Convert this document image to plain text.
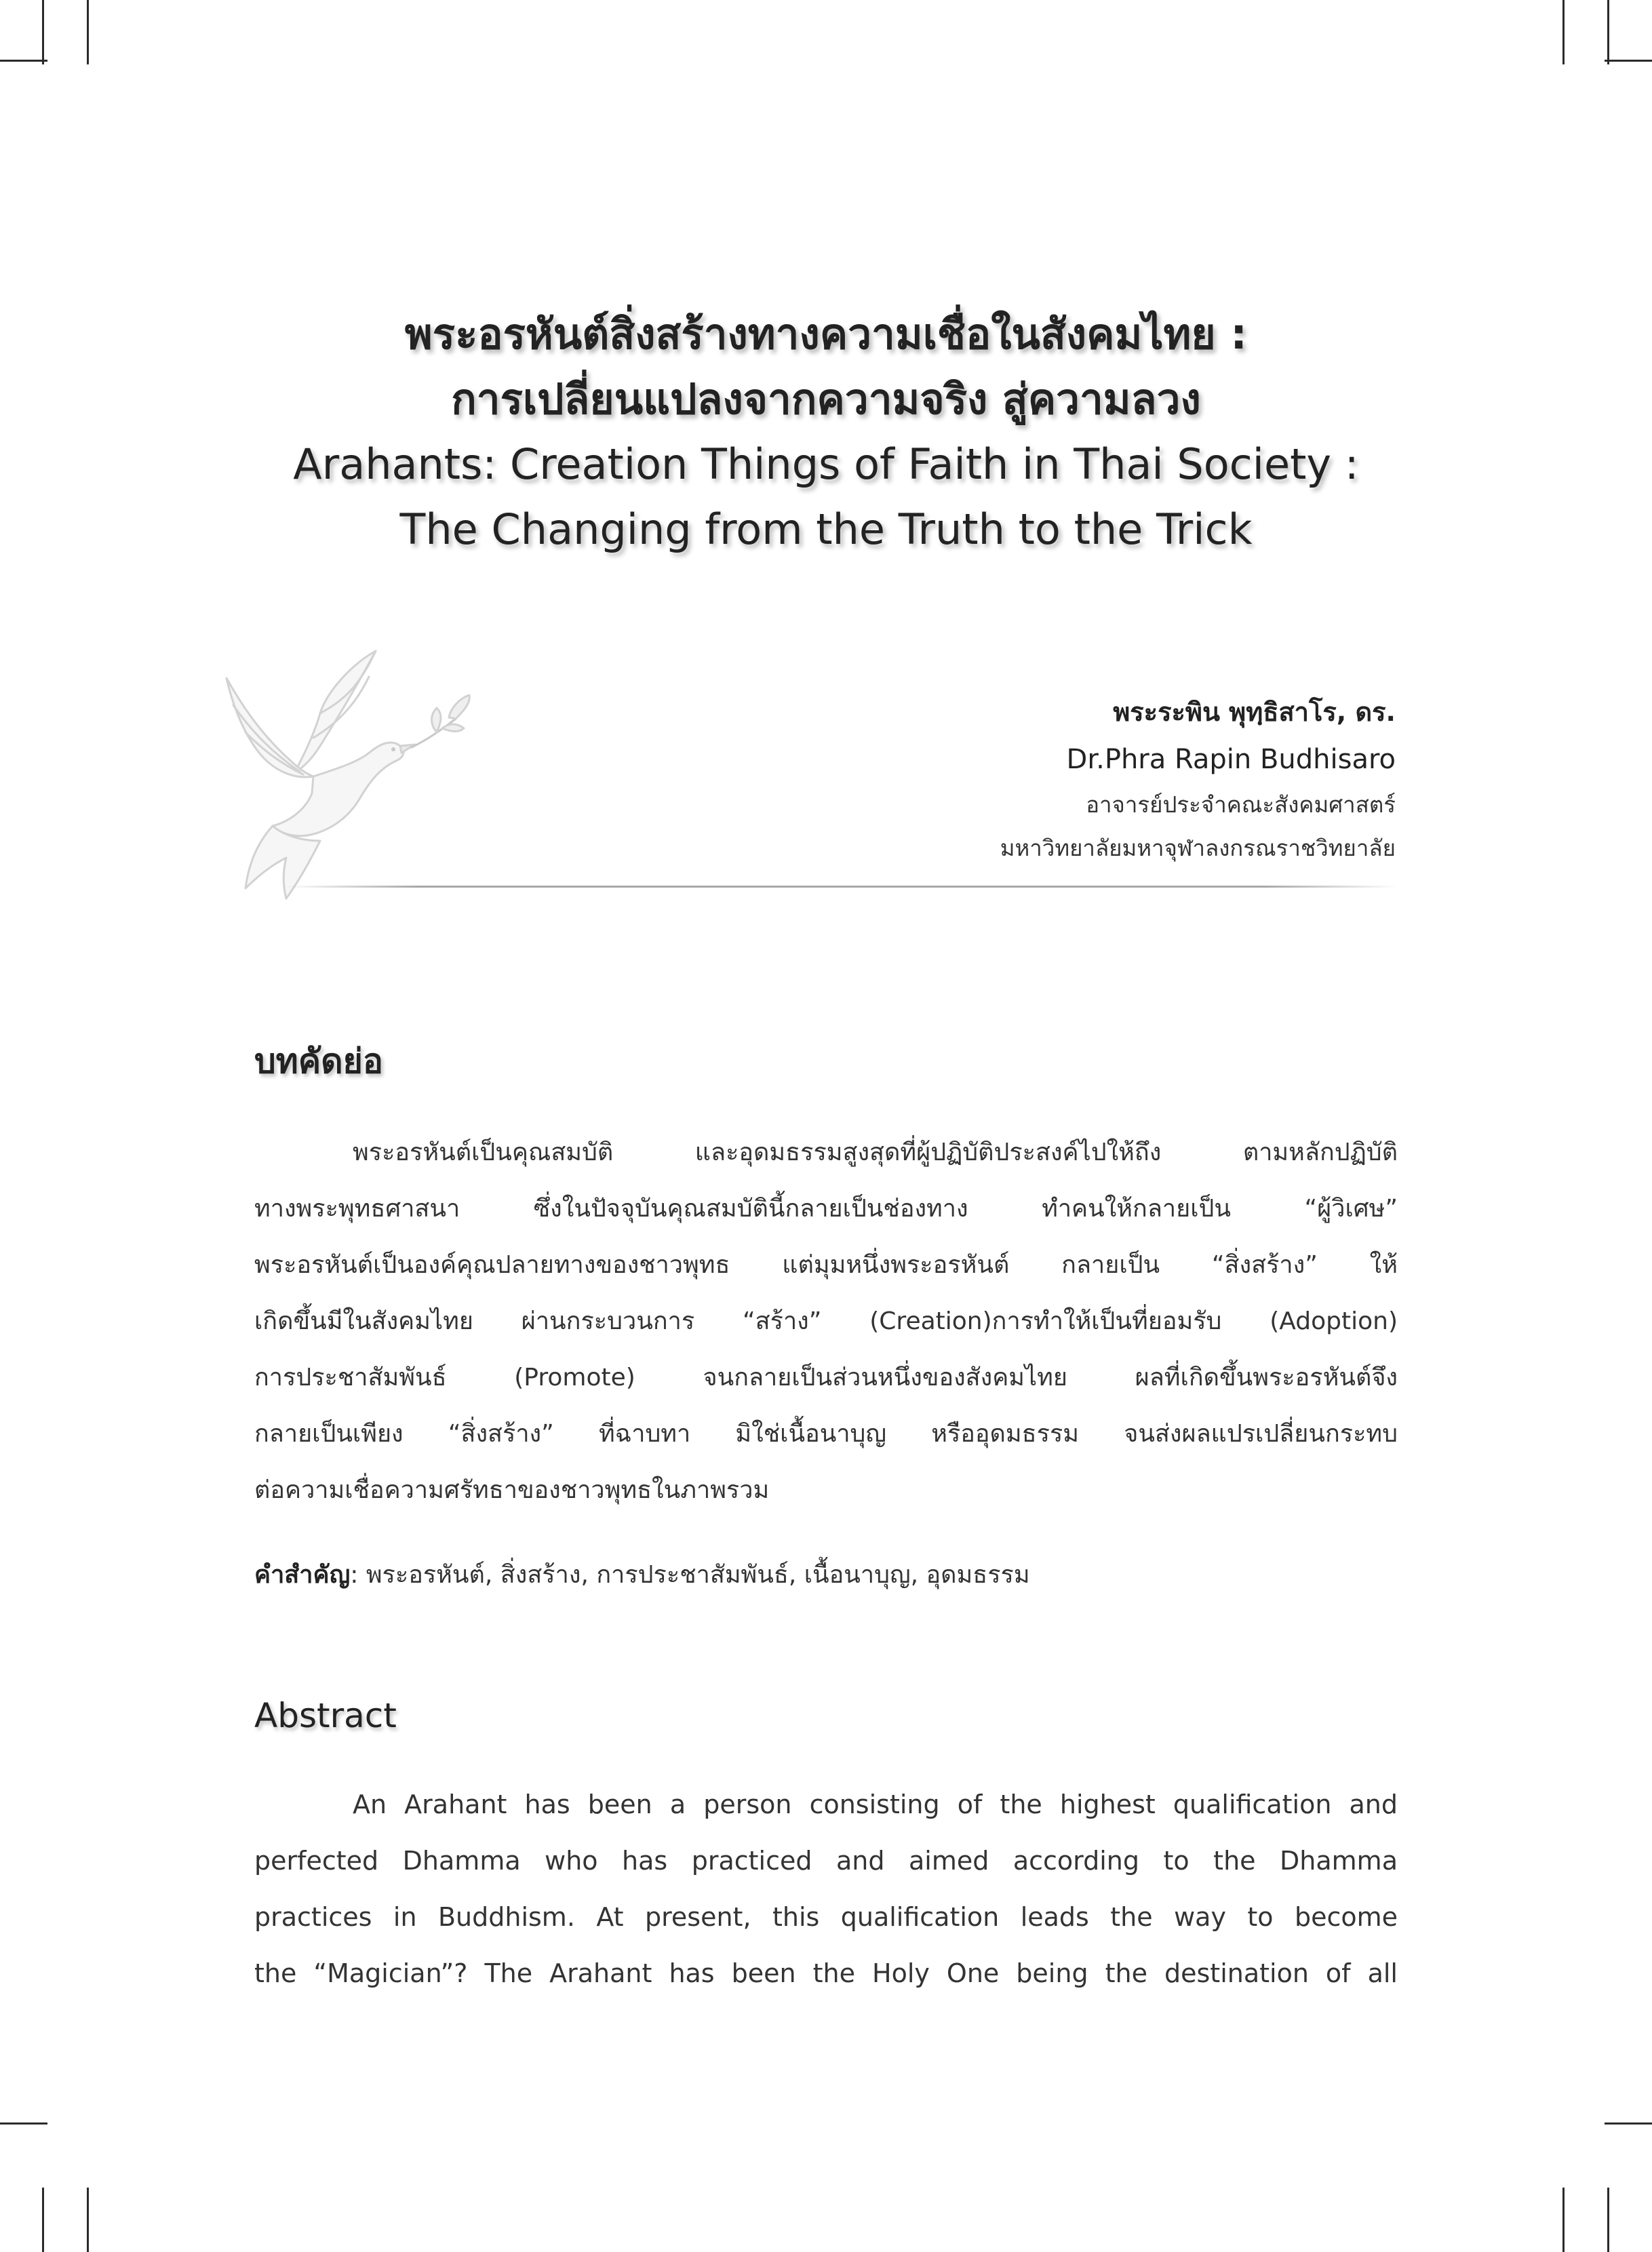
พระอรหันต์สิ่งสร้างทางความเชื่อในสังคมไทย :
การเปลี่ยนแปลงจากความจริง สู่ความลวง
Arahants: Creation Things of Faith in Thai Society :
The Changing from the Truth to the Trick
พระระพิน พุทฺธิสาโร, ดร.
Dr.Phra Rapin Budhisaro
อาจารย์ประจำคณะสังคมศาสตร์
มหาวิทยาลัยมหาจุฬาลงกรณราชวิทยาลัย
บทคัดย่อ
พระอรหันต์เป็นคุณสมบัติ และอุดมธรรมสูงสุดที่ผู้ปฏิบัติประสงค์ไปให้ถึง ตามหลักปฏิบัติ
ทางพระพุทธศาสนา ซึ่งในปัจจุบันคุณสมบัตินี้กลายเป็นช่องทาง ทำคนให้กลายเป็น “ผู้วิเศษ”
พระอรหันต์เป็นองค์คุณปลายทางของชาวพุทธ แต่มุมหนึ่งพระอรหันต์ กลายเป็น “สิ่งสร้าง” ให้
เกิดขึ้นมีในสังคมไทย ผ่านกระบวนการ “สร้าง” (Creation)การทำให้เป็นที่ยอมรับ (Adoption)
การประชาสัมพันธ์ (Promote) จนกลายเป็นส่วนหนึ่งของสังคมไทย ผลที่เกิดขึ้นพระอรหันต์จึง
กลายเป็นเพียง “สิ่งสร้าง” ที่ฉาบทา มิใช่เนื้อนาบุญ หรืออุดมธรรม จนส่งผลแปรเปลี่ยนกระทบ
ต่อความเชื่อความศรัทธาของชาวพุทธในภาพรวม
คำสำคัญ: พระอรหันต์, สิ่งสร้าง, การประชาสัมพันธ์, เนื้อนาบุญ, อุดมธรรม
Abstract
An Arahant has been a person consisting of the highest qualification and
perfected Dhamma who has practiced and aimed according to the Dhamma
practices in Buddhism. At present, this qualification leads the way to become
the “Magician”? The Arahant has been the Holy One being the destination of all
